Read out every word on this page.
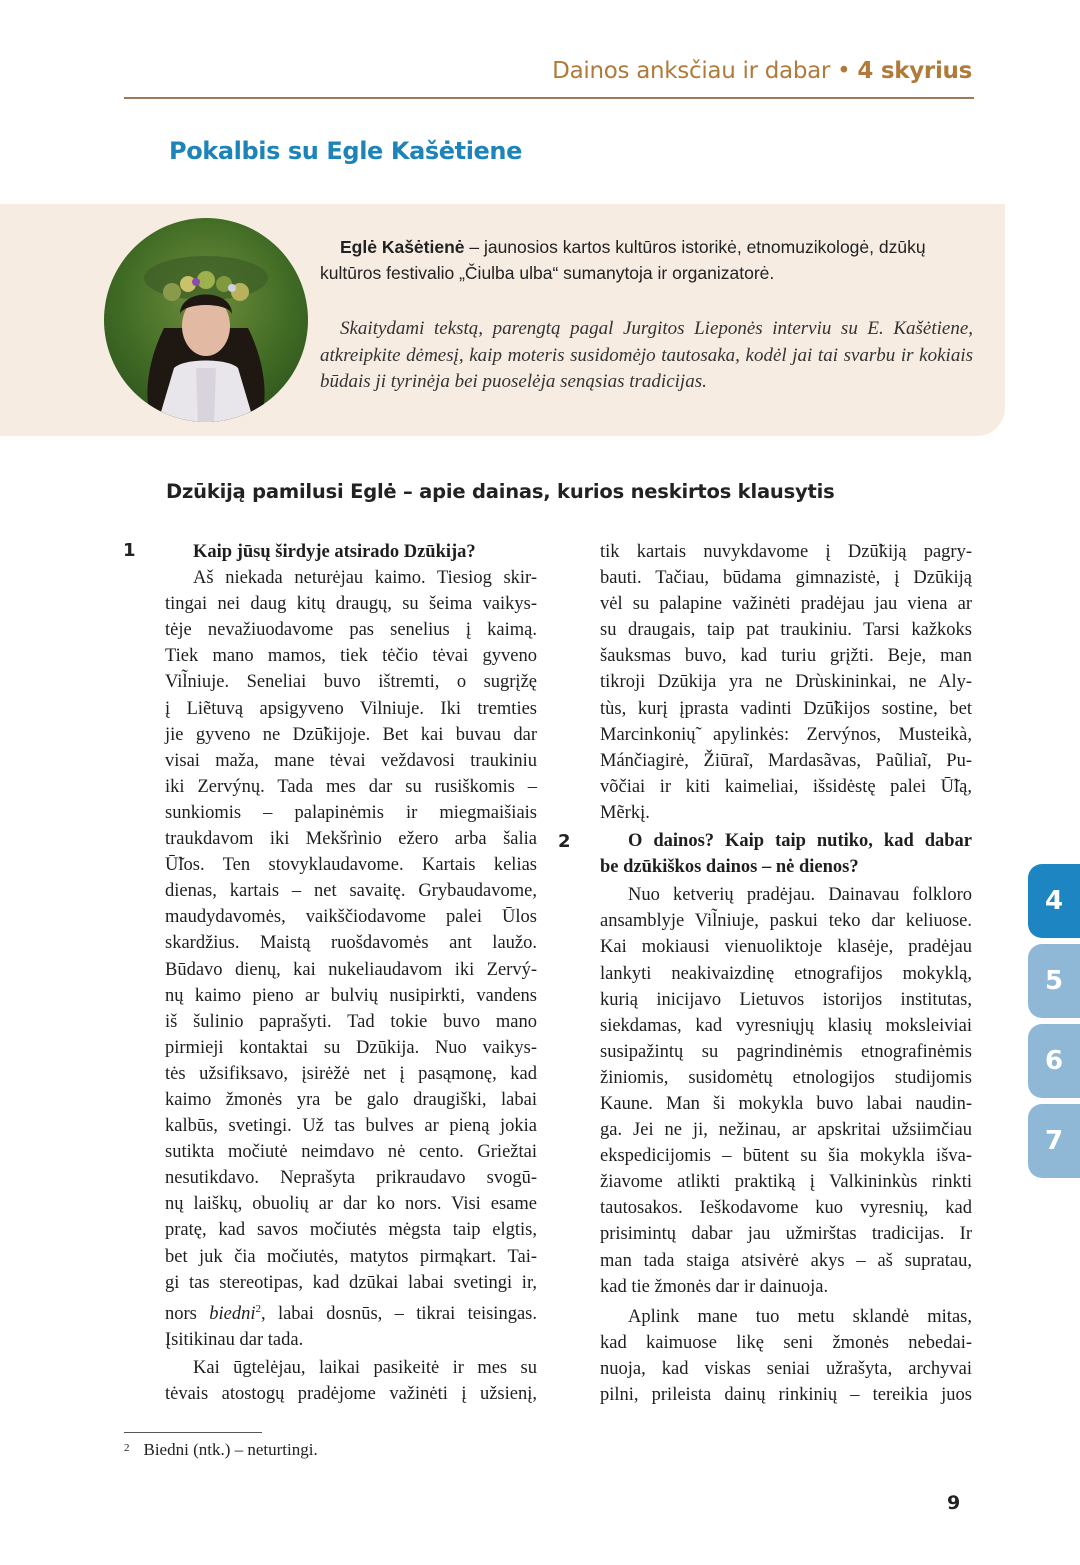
Dainos anksčiau ir dabar • 4 skyrius
Pokalbis su Egle Kašėtiene

Eglė Kašėtienė – jaunosios kartos kultūros istorikė, etnomuzikologė, dzūkų kultūros festivalio „Čiulba ulba“ sumanytoja ir organizatorė.

Skaitydami tekstą, parengtą pagal Jurgitos Lieponės interviu su E. Kašėtiene, atkreipkite dėmesį, kaip moteris susidomėjo tautosaka, kodėl jai tai svarbu ir kokiais būdais ji tyrinėja bei puoselėja senąsias tradicijas.

Dzūkiją pamilusi Eglė – apie dainas, kurios neskirtos klausytis
1
2

Kaip jūsų širdyje atsirado Dzūkija?

Aš niekada neturėjau kaimo. Tiesiog skir-
tingai nei daug kitų draugų, su šeima vaikys-
tėje nevažiuodavome pas senelius į kaimą.
Tiek mano mamos, tiek tėčio tėvai gyveno
Vil̃niuje. Seneliai buvo ištremti, o sugrįžę
į Liẽtuvą apsigyveno Vilniuje. Iki tremties
jie gyveno ne Dzū̃kijoje. Bet kai buvau dar
visai maža, mane tėvai veždavosi traukiniu
iki Zervýnų. Tada mes dar su rusiškomis –
sunkiomis – palapinėmis ir miegmaišiais
traukdavom iki Mekšrìnio ežero arba šalia
Ū̃los. Ten stovyklaudavome. Kartais kelias
dienas, kartais – net savaitę. Grybaudavome,
maudydavomės, vaikščiodavome palei Ūlos
skardžius. Maistą ruošdavomės ant laužo.
Būdavo dienų, kai nukeliaudavom iki Zervý-
nų kaimo pieno ar bulvių nusipirkti, vandens
iš šulinio paprašyti. Tad tokie buvo mano
pirmieji kontaktai su Dzūkija. Nuo vaikys-
tės užsifiksavo, įsirėžė net į pasąmonę, kad
kaimo žmonės yra be galo draugiški, labai
kalbūs, svetingi. Už tas bulves ar pieną jokia
sutikta močiutė neimdavo nė cento. Griežtai
nesutikdavo. Neprašyta prikraudavo svogū-
nų laiškų, obuolių ar dar ko nors. Visi esame
pratę, kad savos močiutės mėgsta taip elgtis,
bet juk čia močiutės, matytos pirmąkart. Tai-
gi tas stereotipas, kad dzūkai labai svetingi ir,
nors biedni$^2$, labai dosnūs, – tikrai teisingas.
Įsitikinau dar tada.
Kai ūgtelėjau, laikai pasikeitė ir mes su
tėvais atostogų pradėjome važinėti į užsienį,
tik kartais nuvykdavome į Dzū̃kiją pagry-
bauti. Tačiau, būdama gimnazistė, į Dzūkiją
vėl su palapine važinėti pradėjau jau viena ar
su draugais, taip pat traukiniu. Tarsi kažkoks
šauksmas buvo, kad turiu grįžti. Beje, man
tikroji Dzūkija yra ne Drùskininkai, ne Aly-
tùs, kurį įprasta vadinti Dzū̃kijos sostine, bet
Marcinkonių̃ apylinkės: Zervýnos, Musteikà,
Mánčiagirė, Žiūraĩ, Mardasãvas, Paũliaĩ, Pu-
võčiai ir kiti kaimeliai, išsidėstę palei Ū̃lą,
Mẽrkį.
O dainos? Kaip taip nutiko, kad dabar
be dzūkiškos dainos – nė dienos?
Nuo ketverių pradėjau. Dainavau folkloro
ansamblyje Vil̃niuje, paskui teko dar keliuose.
Kai mokiausi vienuoliktoje klasėje, pradėjau
lankyti neakivaizdinę etnografijos mokyklą,
kurią inicijavo Lietuvos istorijos institutas,
siekdamas, kad vyresniųjų klasių moksleiviai
susipažintų su pagrindinėmis etnografinėmis
žiniomis, susidomėtų etnologijos studijomis
Kaune. Man ši mokykla buvo labai naudin-
ga. Jei ne ji, nežinau, ar apskritai užsiimčiau
ekspedicijomis – būtent su šia mokykla išva-
žiavome atlikti praktiką į Valkininkùs rinkti
tautosakos. Ieškodavome kuo vyresnių, kad
prisimintų dabar jau užmirštas tradicijas. Ir
man tada staiga atsivėrė akys – aš supratau,
kad tie žmonės dar ir dainuoja.
Aplink mane tuo metu sklandė mitas,
kad kaimuose likę seni žmonės nebedai-
nuoja, kad viskas seniai užrašyta, archyvai
pilni, prileista dainų rinkinių – tereikia juos
$^2$ Biedni (ntk.) – neturtingi.
9
4
5
6
7
